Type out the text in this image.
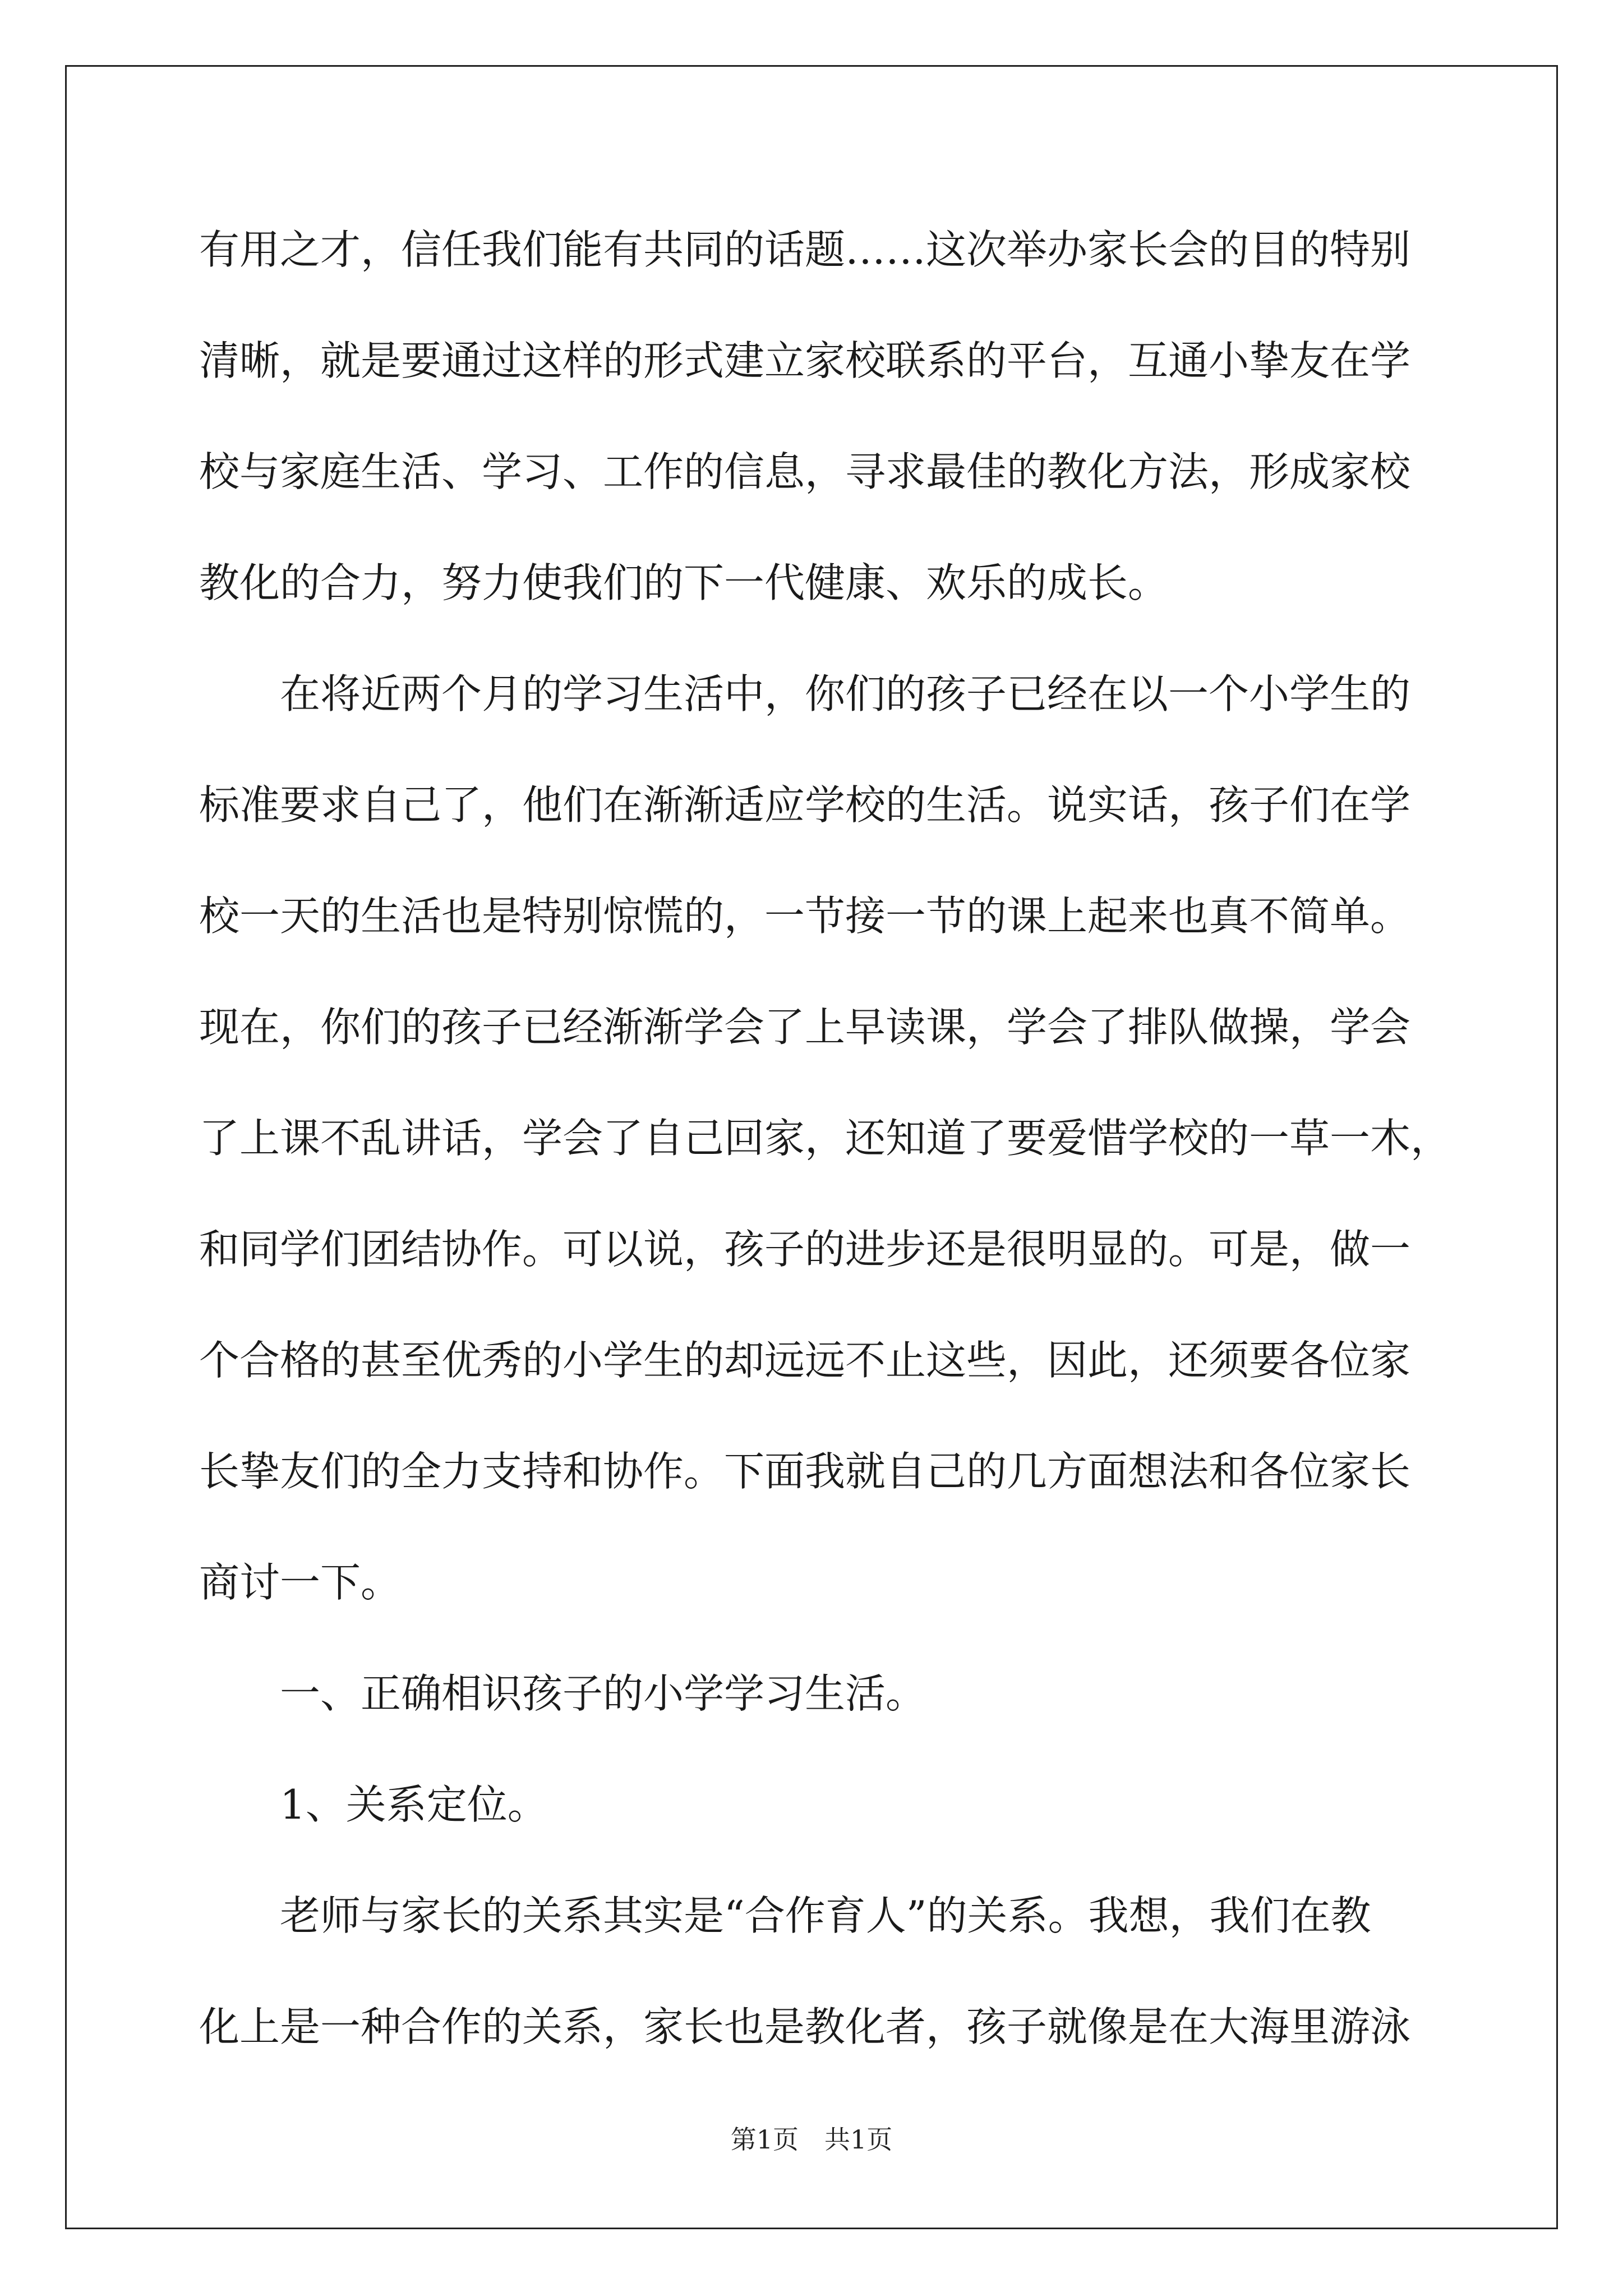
有用之才，信任我们能有共同的话题……这次举办家长会的目的特别
清晰，就是要通过这样的形式建立家校联系的平台，互通小挚友在学
校与家庭生活、学习、工作的信息，寻求最佳的教化方法，形成家校
教化的合力，努力使我们的下一代健康、欢乐的成长。
在将近两个月的学习生活中，你们的孩子已经在以一个小学生的
标准要求自己了，他们在渐渐适应学校的生活。说实话，孩子们在学
校一天的生活也是特别惊慌的，一节接一节的课上起来也真不简单。
现在，你们的孩子已经渐渐学会了上早读课，学会了排队做操，学会
了上课不乱讲话，学会了自己回家，还知道了要爱惜学校的一草一木，
和同学们团结协作。可以说，孩子的进步还是很明显的。可是，做一
个合格的甚至优秀的小学生的却远远不止这些，因此，还须要各位家
长挚友们的全力支持和协作。下面我就自己的几方面想法和各位家长
商讨一下。
一、正确相识孩子的小学学习生活。
1、关系定位。
老师与家长的关系其实是“合作育人”的关系。我想，我们在教
化上是一种合作的关系，家长也是教化者，孩子就像是在大海里游泳
第1页　共1页
